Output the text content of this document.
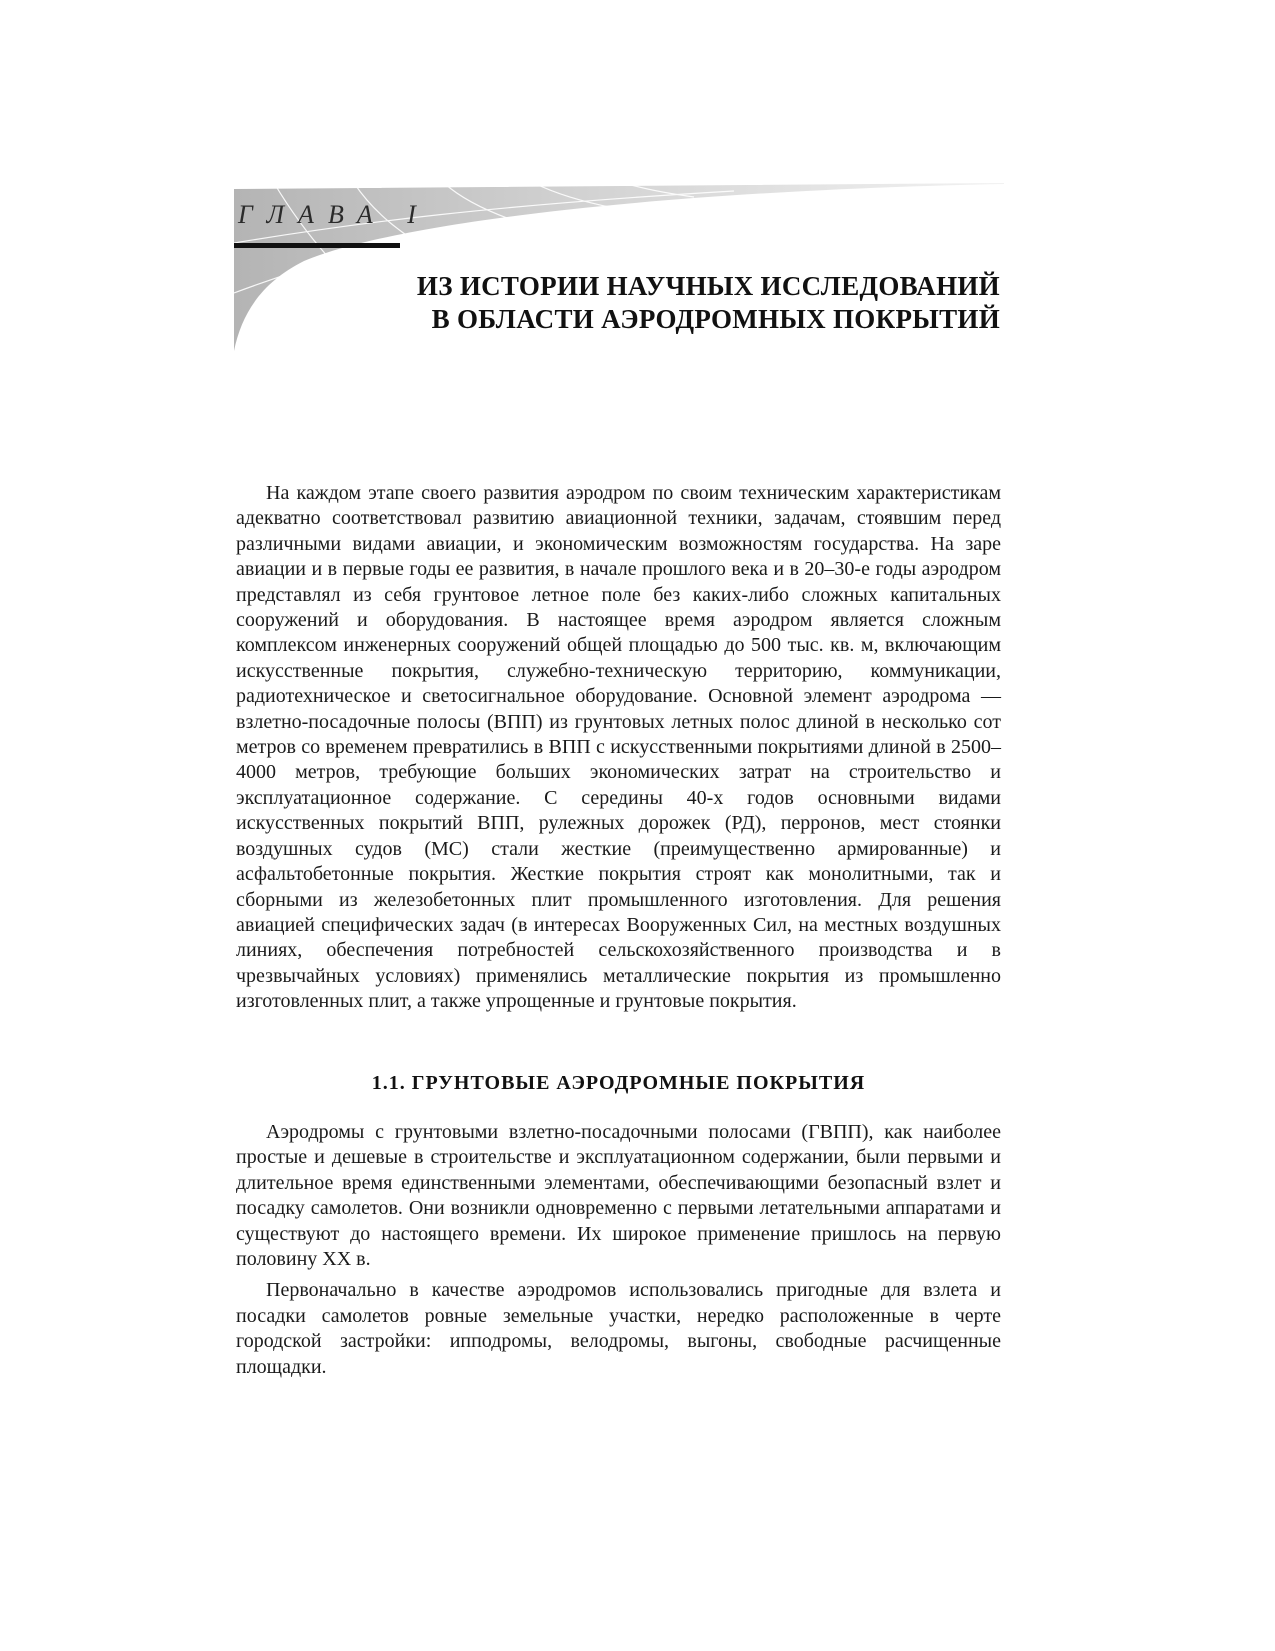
ГЛАВА I
ИЗ ИСТОРИИ НАУЧНЫХ ИССЛЕДОВАНИЙ
В ОБЛАСТИ АЭРОДРОМНЫХ ПОКРЫТИЙ

На каждом этапе своего развития аэродром по своим техническим характеристикам адекватно соответствовал развитию авиационной техники, задачам, стоявшим перед различными видами авиации, и экономическим возможностям государства. На заре авиации и в первые годы ее развития, в начале прошлого века и в 20–30-е годы аэродром представлял из себя грунтовое летное поле без каких-либо сложных капитальных сооружений и оборудования. В настоящее время аэродром является сложным комплексом инженерных сооружений общей площадью до 500 тыс. кв. м, включающим искусственные покрытия, служебно-техническую территорию, коммуникации, радиотехническое и светосигнальное оборудование. Основной элемент аэродрома — взлетно-посадочные полосы (ВПП) из грунтовых летных полос длиной в несколько сот метров со временем превратились в ВПП с искусственными покрытиями длиной в 2500–4000 метров, требующие больших экономических затрат на строительство и эксплуатационное содержание. С середины 40-х годов основными видами искусственных покрытий ВПП, рулежных дорожек (РД), перронов, мест стоянки воздушных судов (МС) стали жесткие (преимущественно армированные) и асфальтобетонные покрытия. Жесткие покрытия строят как монолитными, так и сборными из железобетонных плит промышленного изготовления. Для решения авиацией специфических задач (в интересах Вооруженных Сил, на местных воздушных линиях, обеспечения потребностей сельскохозяйственного производства и в чрезвычайных условиях) применялись металлические покрытия из промышленно изготовленных плит, а также упрощенные и грунтовые покрытия.

1.1. ГРУНТОВЫЕ АЭРОДРОМНЫЕ ПОКРЫТИЯ

Аэродромы с грунтовыми взлетно-посадочными полосами (ГВПП), как наиболее простые и дешевые в строительстве и эксплуатационном содержании, были первыми и длительное время единственными элементами, обеспечивающими безопасный взлет и посадку самолетов. Они возникли одновременно с первыми летательными аппаратами и существуют до настоящего времени. Их широкое применение пришлось на первую половину XX в.

Первоначально в качестве аэродромов использовались пригодные для взлета и посадки самолетов ровные земельные участки, нередко расположенные в черте городской застройки: ипподромы, велодромы, выгоны, свободные расчищенные площадки.
